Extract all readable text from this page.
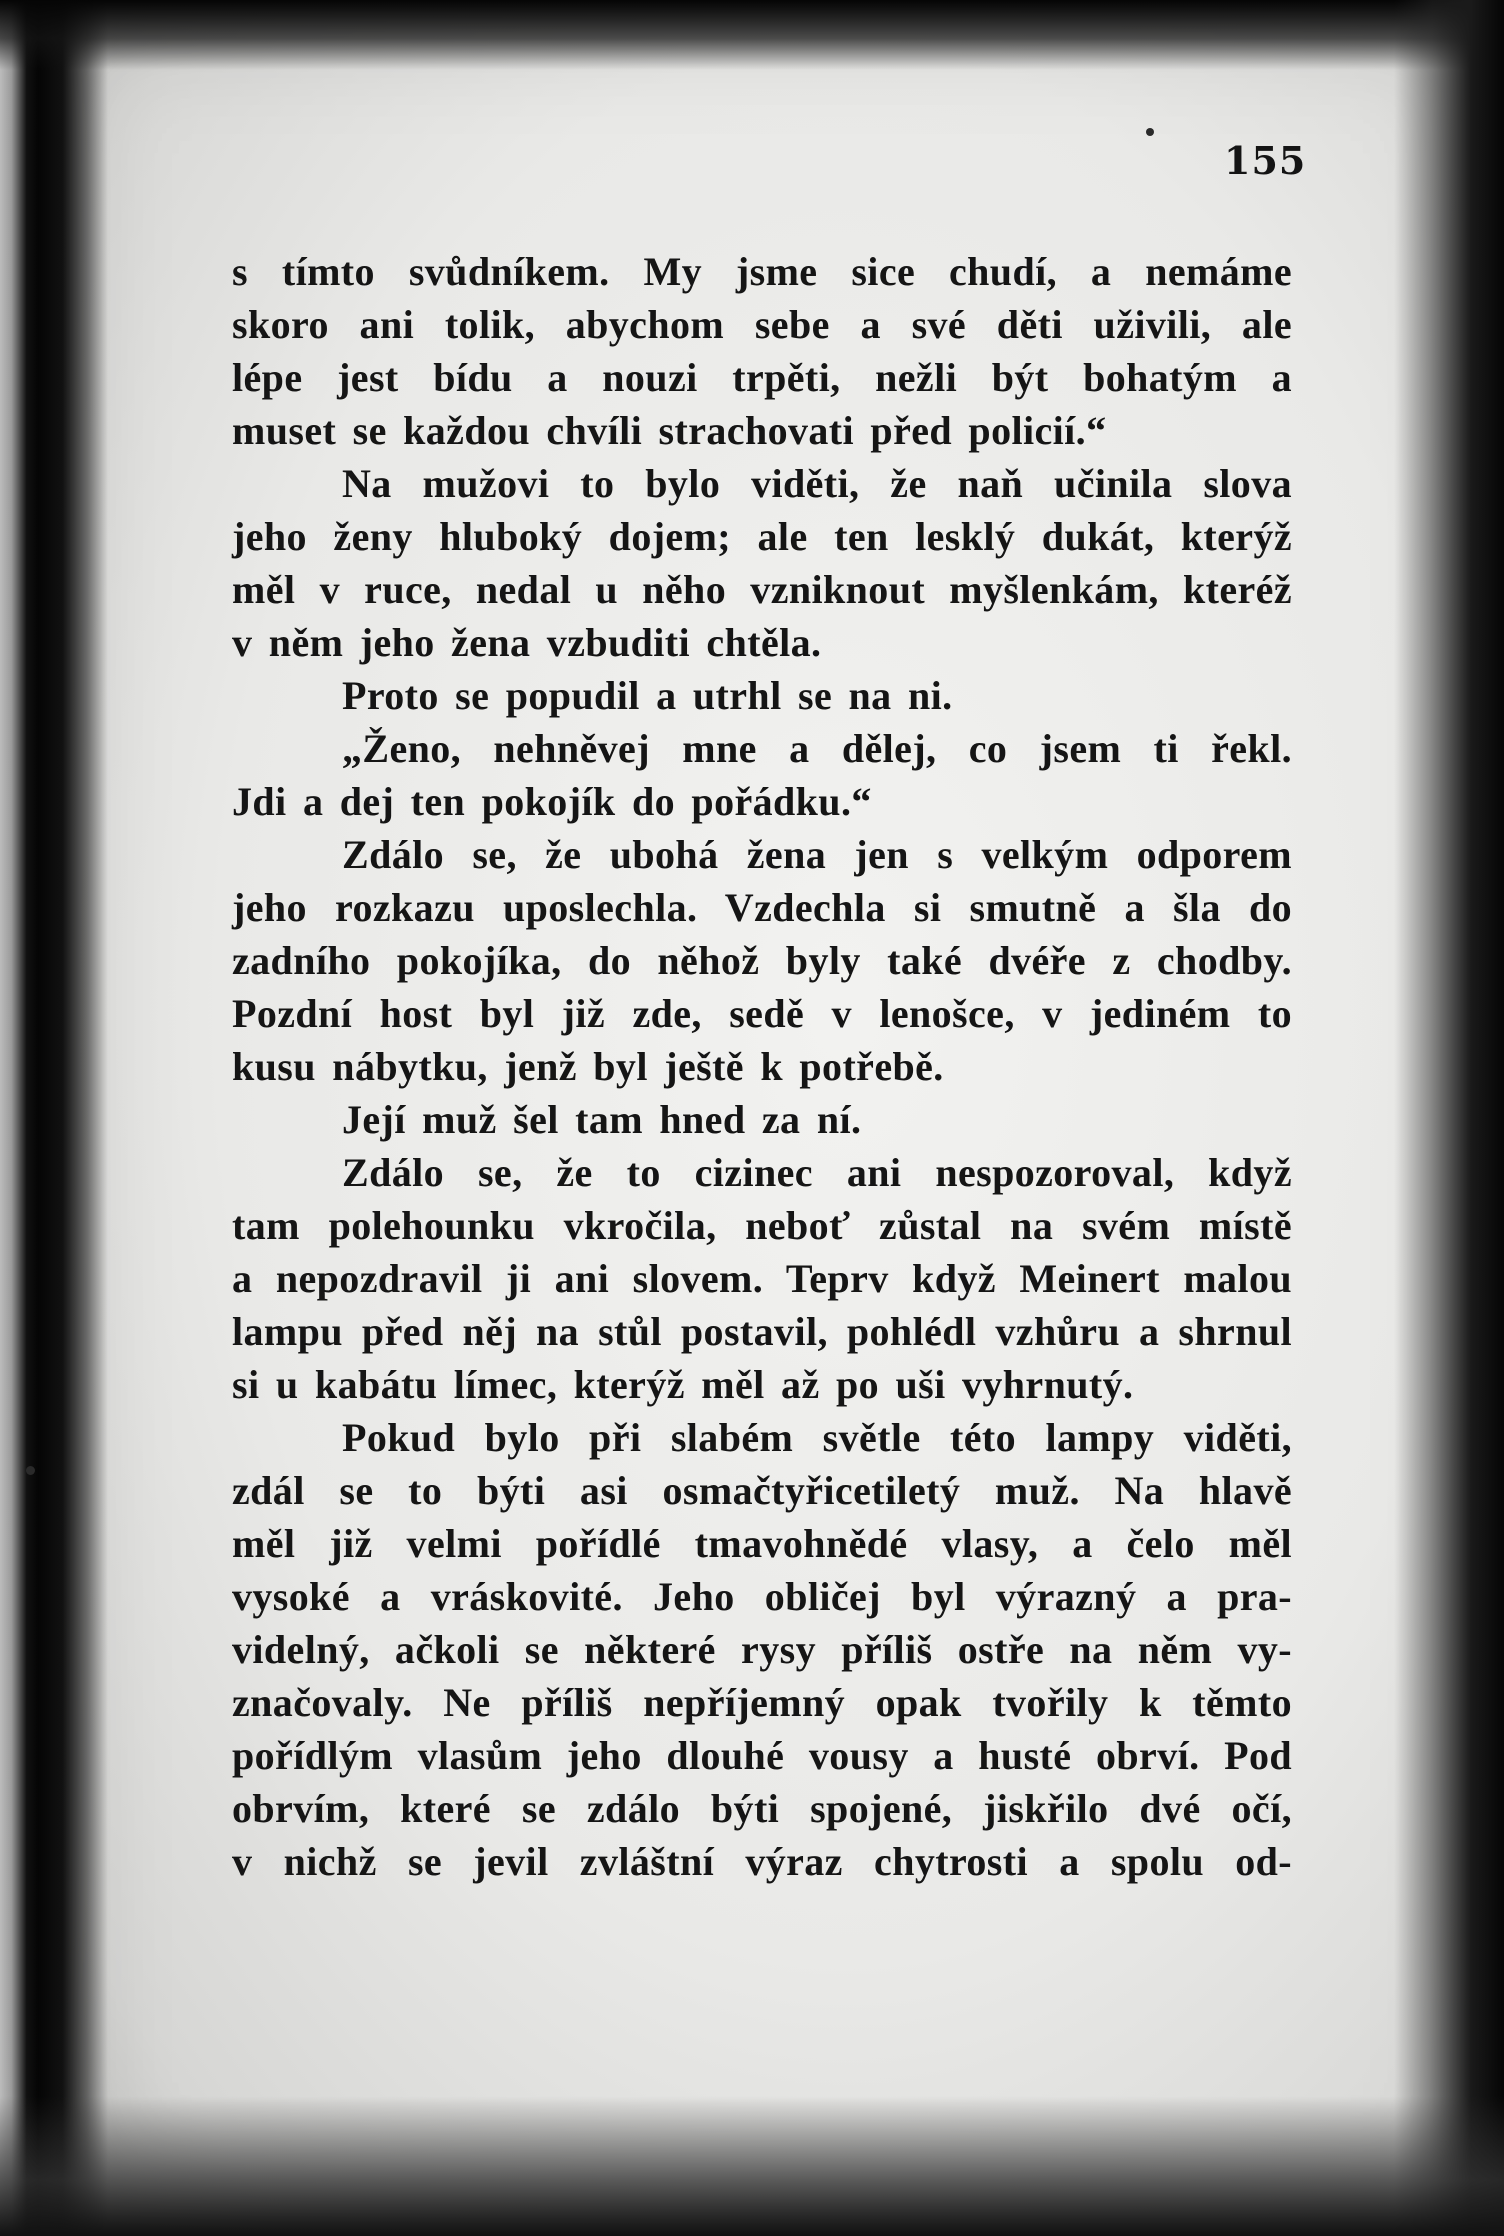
155
s tímto svůdníkem. My jsme sice chudí, a nemáme
skoro ani tolik, abychom sebe a své děti uživili, ale
lépe jest bídu a nouzi trpěti, nežli být bohatým a
muset se každou chvíli strachovati před policií.“
Na mužovi to bylo viděti, že naň učinila slova
jeho ženy hluboký dojem; ale ten lesklý dukát, kterýž
měl v ruce, nedal u něho vzniknout myšlenkám, kteréž
v něm jeho žena vzbuditi chtěla.
Proto se popudil a utrhl se na ni.
„Ženo, nehněvej mne a dělej, co jsem ti řekl.
Jdi a dej ten pokojík do pořádku.“
Zdálo se, že ubohá žena jen s velkým odporem
jeho rozkazu uposlechla. Vzdechla si smutně a šla do
zadního pokojíka, do něhož byly také dvéře z chodby.
Pozdní host byl již zde, sedě v lenošce, v jediném to
kusu nábytku, jenž byl ještě k potřebě.
Její muž šel tam hned za ní.
Zdálo se, že to cizinec ani nespozoroval, když
tam polehounku vkročila, neboť zůstal na svém místě
a nepozdravil ji ani slovem. Teprv když Meinert malou
lampu před něj na stůl postavil, pohlédl vzhůru a shrnul
si u kabátu límec, kterýž měl až po uši vyhrnutý.
Pokud bylo při slabém světle této lampy viděti,
zdál se to býti asi osmačtyřicetiletý muž. Na hlavě
měl již velmi pořídlé tmavohnědé vlasy, a čelo měl
vysoké a vráskovité. Jeho obličej byl výrazný a pra-
videlný, ačkoli se některé rysy příliš ostře na něm vy-
značovaly. Ne příliš nepříjemný opak tvořily k těmto
pořídlým vlasům jeho dlouhé vousy a husté obrví. Pod
obrvím, které se zdálo býti spojené, jiskřilo dvé očí,
v nichž se jevil zvláštní výraz chytrosti a spolu od-
